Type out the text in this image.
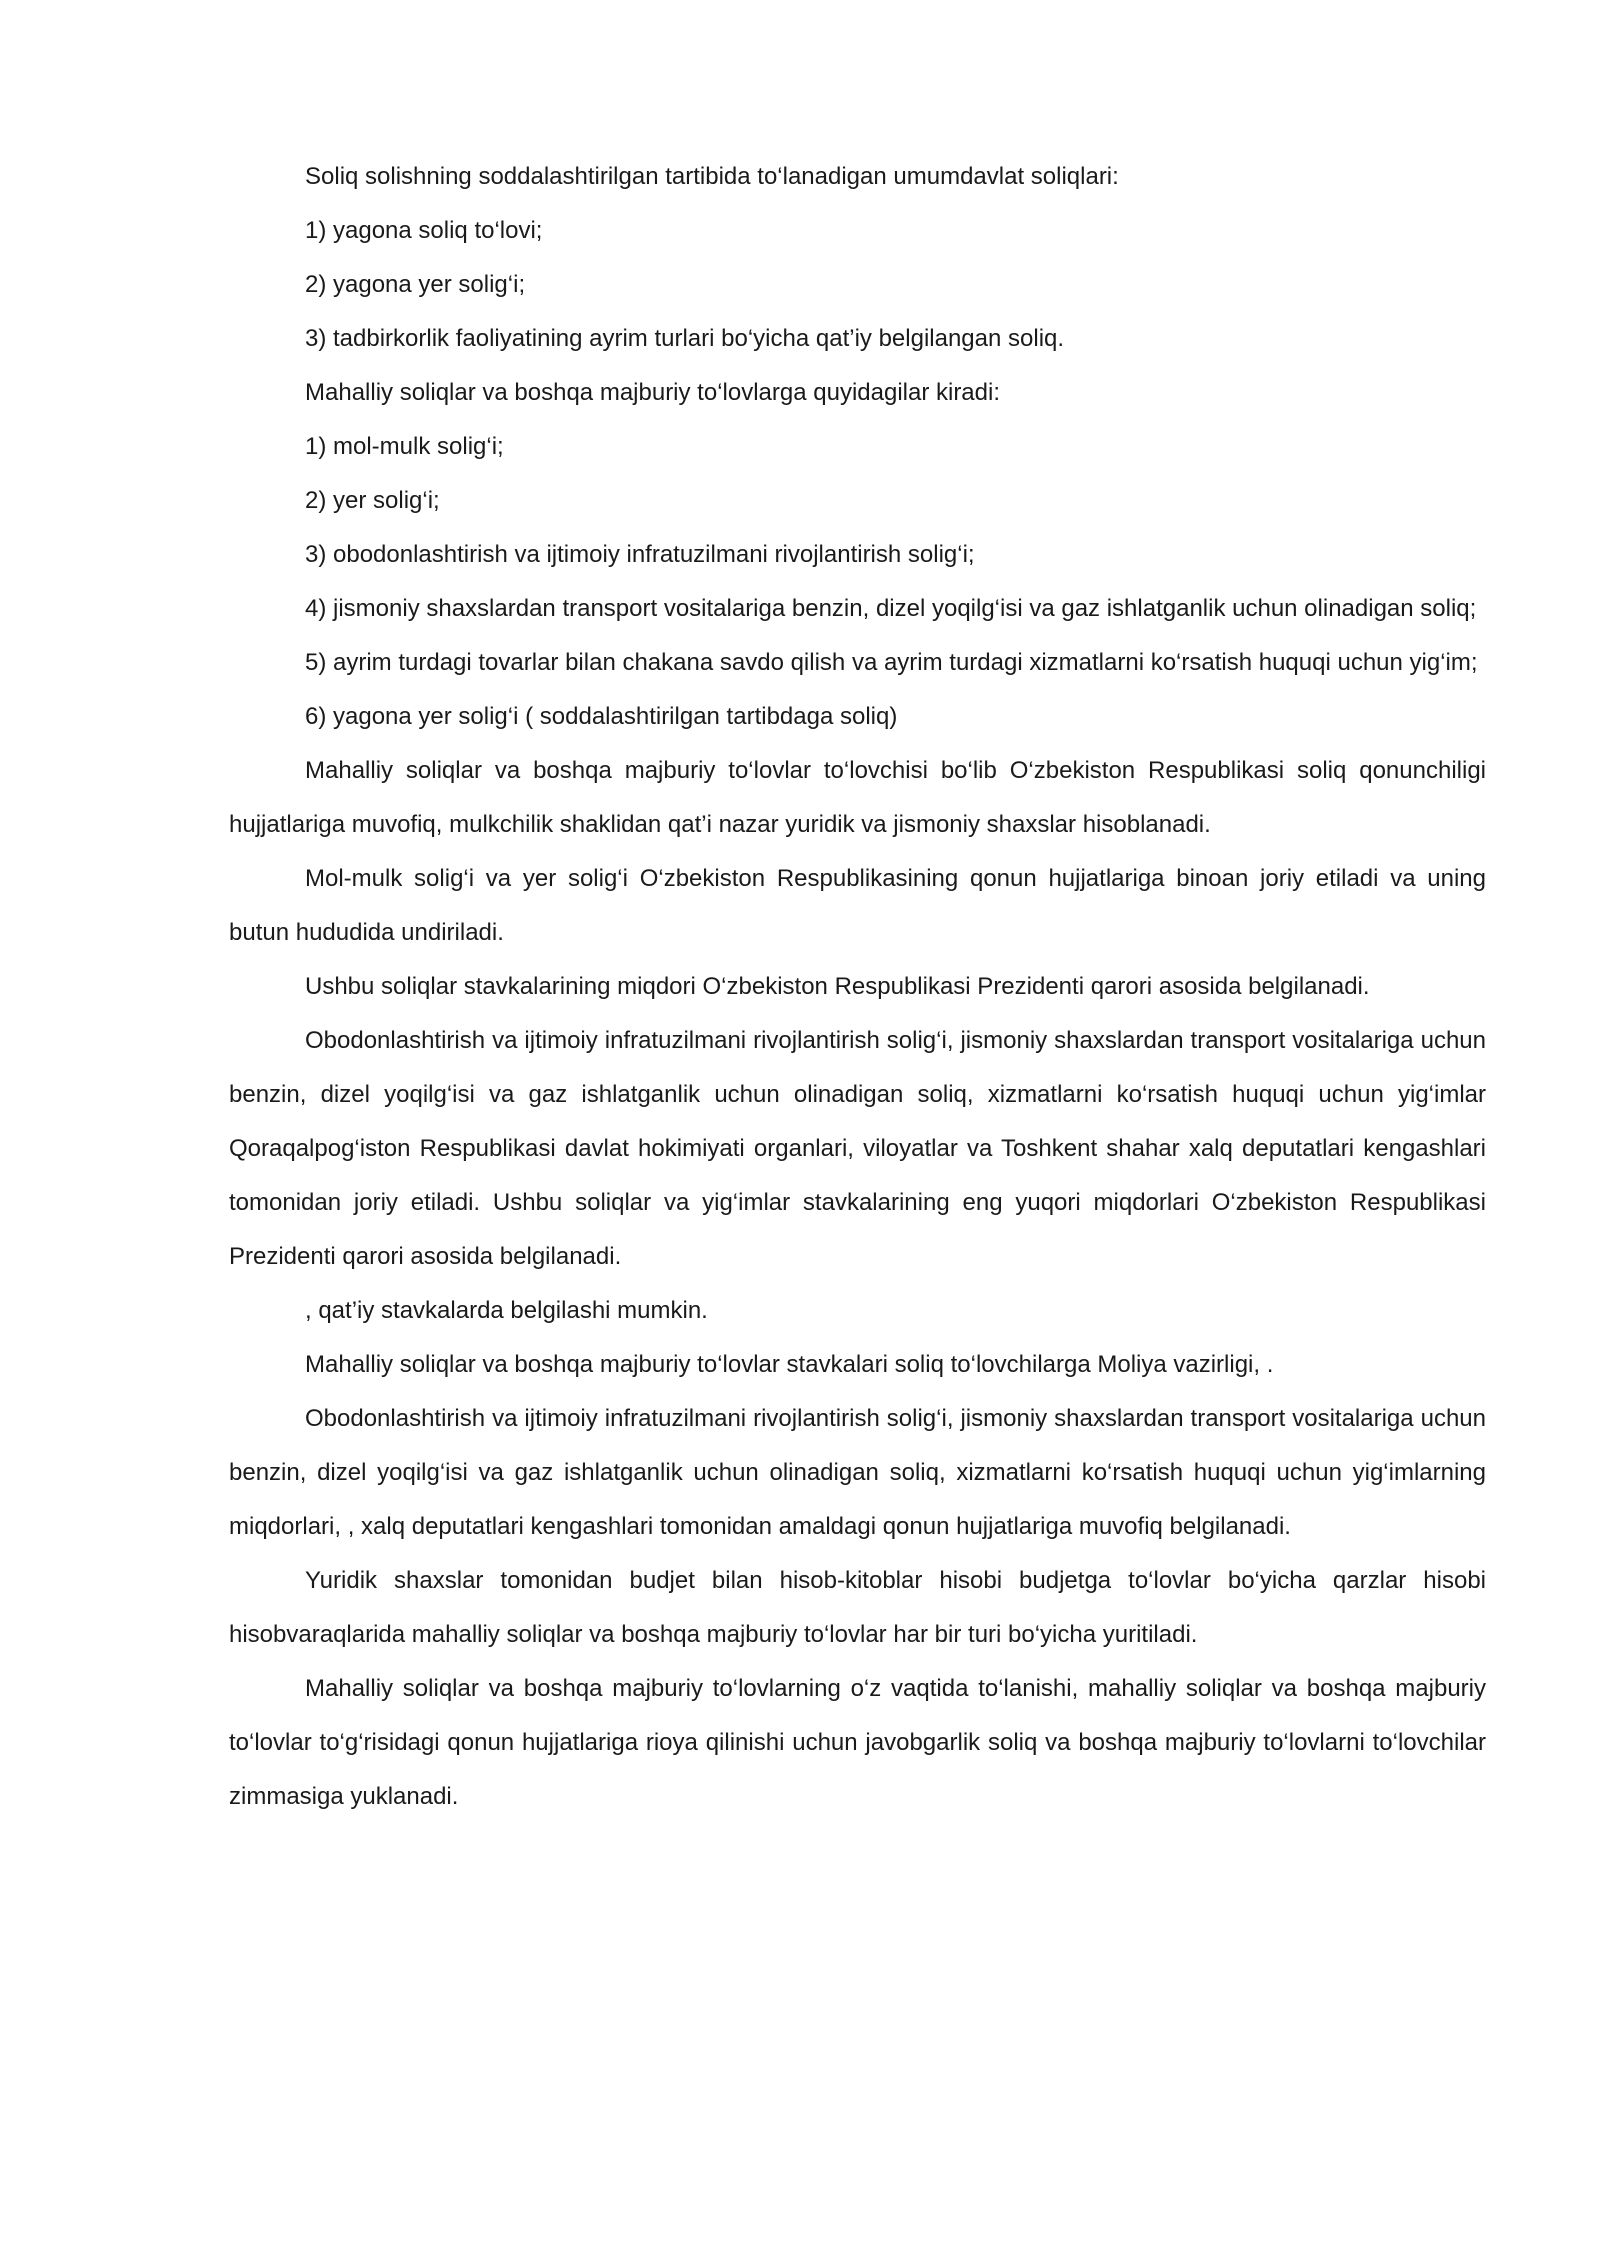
Soliq solishning soddalashtirilgan tartibida to‘lanadigan umumdavlat soliqlari:

1) yagona soliq to‘lovi;

2) yagona yer solig‘i;

3) tadbirkorlik faoliyatining ayrim turlari bo‘yicha qat’iy belgilangan soliq.

Mahalliy soliqlar va boshqa majburiy to‘lovlarga quyidagilar kiradi:

1) mol-mulk solig‘i;

2) yer solig‘i;

3) obodonlashtirish va ijtimoiy infratuzilmani rivojlantirish solig‘i;

4) jismoniy shaxslardan transport vositalariga benzin, dizel yoqilg‘isi va gaz ishlatganlik uchun olinadigan soliq;

5) ayrim turdagi tovarlar bilan chakana savdo qilish va ayrim turdagi xizmatlarni ko‘rsatish huquqi uchun yig‘im;

6) yagona yer solig‘i ( soddalashtirilgan tartibdaga soliq)

Mahalliy soliqlar va boshqa majburiy to‘lovlar to‘lovchisi bo‘lib O‘zbekiston Respublikasi soliq qonunchiligi hujjatlariga muvofiq, mulkchilik shaklidan qat’i nazar yuridik va jismoniy shaxslar hisoblanadi.

Mol-mulk solig‘i va yer solig‘i O‘zbekiston Respublikasining qonun hujjatlariga binoan joriy etiladi va uning butun hududida undiriladi.

Ushbu soliqlar stavkalarining miqdori O‘zbekiston Respublikasi Prezidenti qarori asosida belgilanadi.

Obodonlashtirish va ijtimoiy infratuzilmani rivojlantirish solig‘i, jismoniy shaxslardan transport vositalariga uchun benzin, dizel yoqilg‘isi va gaz ishlatganlik uchun olinadigan soliq, xizmatlarni ko‘rsatish huquqi uchun yig‘imlar Qoraqalpog‘iston Respublikasi davlat hokimiyati organlari, viloyatlar va Toshkent shahar xalq deputatlari kengashlari tomonidan joriy etiladi. Ushbu soliqlar va yig‘imlar stavkalarining eng yuqori miqdorlari O‘zbekiston Respublikasi Prezidenti qarori asosida belgilanadi.

, qat’iy stavkalarda belgilashi mumkin.

Mahalliy soliqlar va boshqa majburiy to‘lovlar stavkalari soliq to‘lovchilarga Moliya vazirligi, .

Obodonlashtirish va ijtimoiy infratuzilmani rivojlantirish solig‘i, jismoniy shaxslardan transport vositalariga uchun benzin, dizel yoqilg‘isi va gaz ishlatganlik uchun olinadigan soliq, xizmatlarni ko‘rsatish huquqi uchun yig‘imlarning miqdorlari, , xalq deputatlari kengashlari tomonidan amaldagi qonun hujjatlariga muvofiq belgilanadi.

Yuridik shaxslar tomonidan budjet bilan hisob-kitoblar hisobi budjetga to‘lovlar bo‘yicha qarzlar hisobi hisobvaraqlarida mahalliy soliqlar va boshqa majburiy to‘lovlar har bir turi bo‘yicha yuritiladi.

Mahalliy soliqlar va boshqa majburiy to‘lovlarning o‘z vaqtida to‘lanishi, mahalliy soliqlar va boshqa majburiy to‘lovlar to‘g‘risidagi qonun hujjatlariga rioya qilinishi uchun javobgarlik soliq va boshqa majburiy to‘lovlarni to‘lovchilar zimmasiga yuklanadi.
